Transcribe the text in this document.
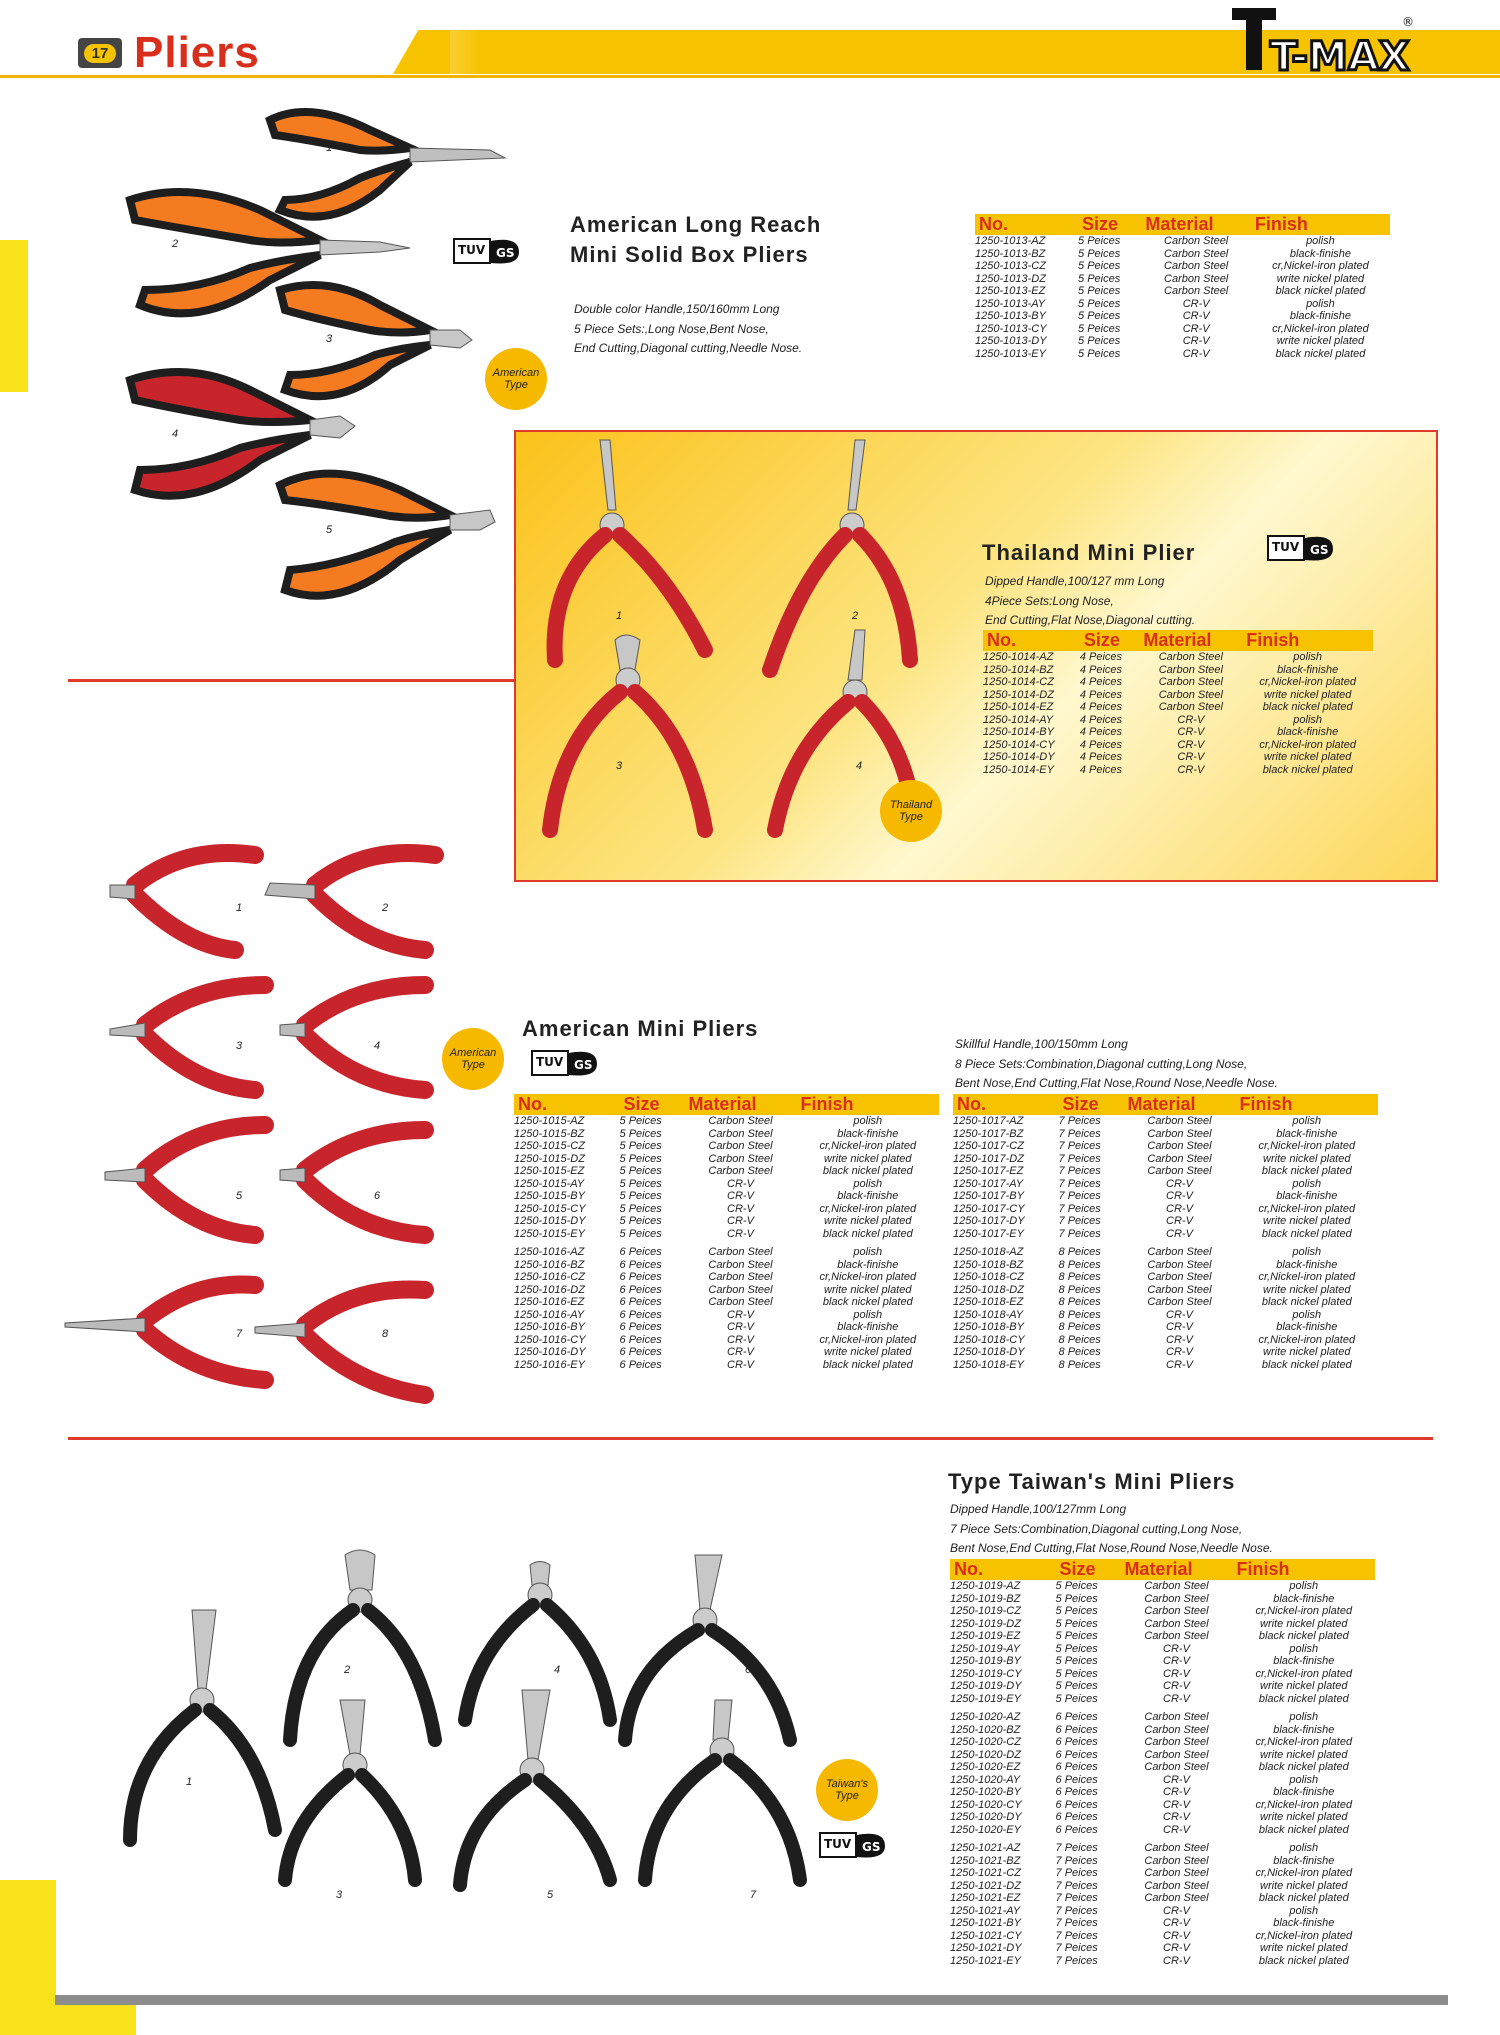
17 Pliers	T-MAX
®
American Long Reach
Mini Solid Box Pliers
Double color Handle,150/160mm Long
5 Piece Sets:,Long Nose,Bent Nose,
End Cutting,Diagonal cutting,Needle Nose.
TUV GS
American Type
1
2
3
4
5
No.	Size	Material	Finish
1250-1013-AZ	5 Peices	Carbon Steel	polish
1250-1013-BZ	5 Peices	Carbon Steel	black-finishe
1250-1013-CZ	5 Peices	Carbon Steel	cr,Nickel-iron plated
1250-1013-DZ	5 Peices	Carbon Steel	write nickel plated
1250-1013-EZ	5 Peices	Carbon Steel	black nickel plated
1250-1013-AY	5 Peices	CR-V	polish
1250-1013-BY	5 Peices	CR-V	black-finishe
1250-1013-CY	5 Peices	CR-V	cr,Nickel-iron plated
1250-1013-DY	5 Peices	CR-V	write nickel plated
1250-1013-EY	5 Peices	CR-V	black nickel plated
1	2
3	4
Thailand Type
Thailand Mini Plier	TUV GS
Dipped Handle,100/127 mm Long
4Piece Sets:Long Nose,
End Cutting,Flat Nose,Diagonal cutting.
No.	Size	Material	Finish
1250-1014-AZ	4 Peices	Carbon Steel	polish
1250-1014-BZ	4 Peices	Carbon Steel	black-finishe
1250-1014-CZ	4 Peices	Carbon Steel	cr,Nickel-iron plated
1250-1014-DZ	4 Peices	Carbon Steel	write nickel plated
1250-1014-EZ	4 Peices	Carbon Steel	black nickel plated
1250-1014-AY	4 Peices	CR-V	polish
1250-1014-BY	4 Peices	CR-V	black-finishe
1250-1014-CY	4 Peices	CR-V	cr,Nickel-iron plated
1250-1014-DY	4 Peices	CR-V	write nickel plated
1250-1014-EY	4 Peices	CR-V	black nickel plated
1	2
3	4
5	6
7	8
American Type
American Mini Pliers
TUV GS
Skillful Handle,100/150mm Long
8 Piece Sets:Combination,Diagonal cutting,Long Nose,
Bent Nose,End Cutting,Flat Nose,Round Nose,Needle Nose.
No.	Size	Material	Finish
1250-1015-AZ	5 Peices	Carbon Steel	polish
1250-1015-BZ	5 Peices	Carbon Steel	black-finishe
1250-1015-CZ	5 Peices	Carbon Steel	cr,Nickel-iron plated
1250-1015-DZ	5 Peices	Carbon Steel	write nickel plated
1250-1015-EZ	5 Peices	Carbon Steel	black nickel plated
1250-1015-AY	5 Peices	CR-V	polish
1250-1015-BY	5 Peices	CR-V	black-finishe
1250-1015-CY	5 Peices	CR-V	cr,Nickel-iron plated
1250-1015-DY	5 Peices	CR-V	write nickel plated
1250-1015-EY	5 Peices	CR-V	black nickel plated

1250-1016-AZ	6 Peices	Carbon Steel	polish
1250-1016-BZ	6 Peices	Carbon Steel	black-finishe
1250-1016-CZ	6 Peices	Carbon Steel	cr,Nickel-iron plated
1250-1016-DZ	6 Peices	Carbon Steel	write nickel plated
1250-1016-EZ	6 Peices	Carbon Steel	black nickel plated
1250-1016-AY	6 Peices	CR-V	polish
1250-1016-BY	6 Peices	CR-V	black-finishe
1250-1016-CY	6 Peices	CR-V	cr,Nickel-iron plated
1250-1016-DY	6 Peices	CR-V	write nickel plated
1250-1016-EY	6 Peices	CR-V	black nickel plated
No.	Size	Material	Finish
1250-1017-AZ	7 Peices	Carbon Steel	polish
1250-1017-BZ	7 Peices	Carbon Steel	black-finishe
1250-1017-CZ	7 Peices	Carbon Steel	cr,Nickel-iron plated
1250-1017-DZ	7 Peices	Carbon Steel	write nickel plated
1250-1017-EZ	7 Peices	Carbon Steel	black nickel plated
1250-1017-AY	7 Peices	CR-V	polish
1250-1017-BY	7 Peices	CR-V	black-finishe
1250-1017-CY	7 Peices	CR-V	cr,Nickel-iron plated
1250-1017-DY	7 Peices	CR-V	write nickel plated
1250-1017-EY	7 Peices	CR-V	black nickel plated

1250-1018-AZ	8 Peices	Carbon Steel	polish
1250-1018-BZ	8 Peices	Carbon Steel	black-finishe
1250-1018-CZ	8 Peices	Carbon Steel	cr,Nickel-iron plated
1250-1018-DZ	8 Peices	Carbon Steel	write nickel plated
1250-1018-EZ	8 Peices	Carbon Steel	black nickel plated
1250-1018-AY	8 Peices	CR-V	polish
1250-1018-BY	8 Peices	CR-V	black-finishe
1250-1018-CY	8 Peices	CR-V	cr,Nickel-iron plated
1250-1018-DY	8 Peices	CR-V	write nickel plated
1250-1018-EY	8 Peices	CR-V	black nickel plated
Type Taiwan's Mini Pliers
Dipped Handle,100/127mm Long
7 Piece Sets:Combination,Diagonal cutting,Long Nose,
Bent Nose,End Cutting,Flat Nose,Round Nose,Needle Nose.
1
2
3
4
5
6
7
Taiwan's Type
TUV GS
No.	Size	Material	Finish
1250-1019-AZ	5 Peices	Carbon Steel	polish
1250-1019-BZ	5 Peices	Carbon Steel	black-finishe
1250-1019-CZ	5 Peices	Carbon Steel	cr,Nickel-iron plated
1250-1019-DZ	5 Peices	Carbon Steel	write nickel plated
1250-1019-EZ	5 Peices	Carbon Steel	black nickel plated
1250-1019-AY	5 Peices	CR-V	polish
1250-1019-BY	5 Peices	CR-V	black-finishe
1250-1019-CY	5 Peices	CR-V	cr,Nickel-iron plated
1250-1019-DY	5 Peices	CR-V	write nickel plated
1250-1019-EY	5 Peices	CR-V	black nickel plated

1250-1020-AZ	6 Peices	Carbon Steel	polish
1250-1020-BZ	6 Peices	Carbon Steel	black-finishe
1250-1020-CZ	6 Peices	Carbon Steel	cr,Nickel-iron plated
1250-1020-DZ	6 Peices	Carbon Steel	write nickel plated
1250-1020-EZ	6 Peices	Carbon Steel	black nickel plated
1250-1020-AY	6 Peices	CR-V	polish
1250-1020-BY	6 Peices	CR-V	black-finishe
1250-1020-CY	6 Peices	CR-V	cr,Nickel-iron plated
1250-1020-DY	6 Peices	CR-V	write nickel plated
1250-1020-EY	6 Peices	CR-V	black nickel plated

1250-1021-AZ	7 Peices	Carbon Steel	polish
1250-1021-BZ	7 Peices	Carbon Steel	black-finishe
1250-1021-CZ	7 Peices	Carbon Steel	cr,Nickel-iron plated
1250-1021-DZ	7 Peices	Carbon Steel	write nickel plated
1250-1021-EZ	7 Peices	Carbon Steel	black nickel plated
1250-1021-AY	7 Peices	CR-V	polish
1250-1021-BY	7 Peices	CR-V	black-finishe
1250-1021-CY	7 Peices	CR-V	cr,Nickel-iron plated
1250-1021-DY	7 Peices	CR-V	write nickel plated
1250-1021-EY	7 Peices	CR-V	black nickel plated
